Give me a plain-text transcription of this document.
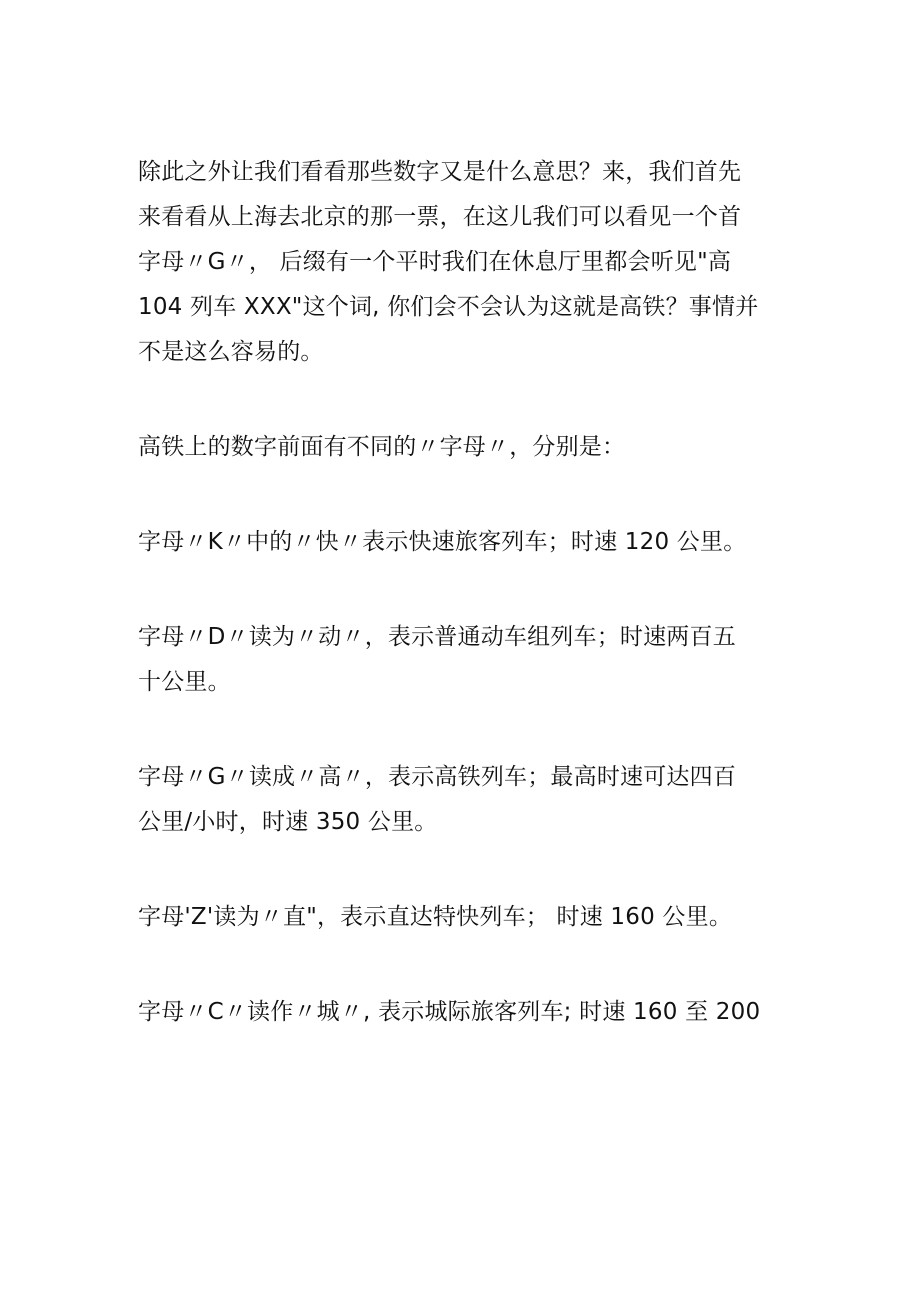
除此之外让我们看看那些数字又是什么意思？来，我们首先
来看看从上海去北京的那一票，在这儿我们可以看见一个首
字母〃G〃， 后缀有一个平时我们在休息厅里都会听见"高
104 列车 XXX"这个词, 你们会不会认为这就是高铁？事情并
不是这么容易的。

高铁上的数字前面有不同的〃字母〃，分别是：

字母〃K〃中的〃快〃表示快速旅客列车；时速 120 公里。

字母〃D〃读为〃动〃，表示普通动车组列车；时速两百五
十公里。

字母〃G〃读成〃高〃，表示高铁列车；最高时速可达四百
公里/小时，时速 350 公里。

字母'Z'读为〃直"，表示直达特快列车； 时速 160 公里。

字母〃C〃读作〃城〃, 表示城际旅客列车; 时速 160 至 200
